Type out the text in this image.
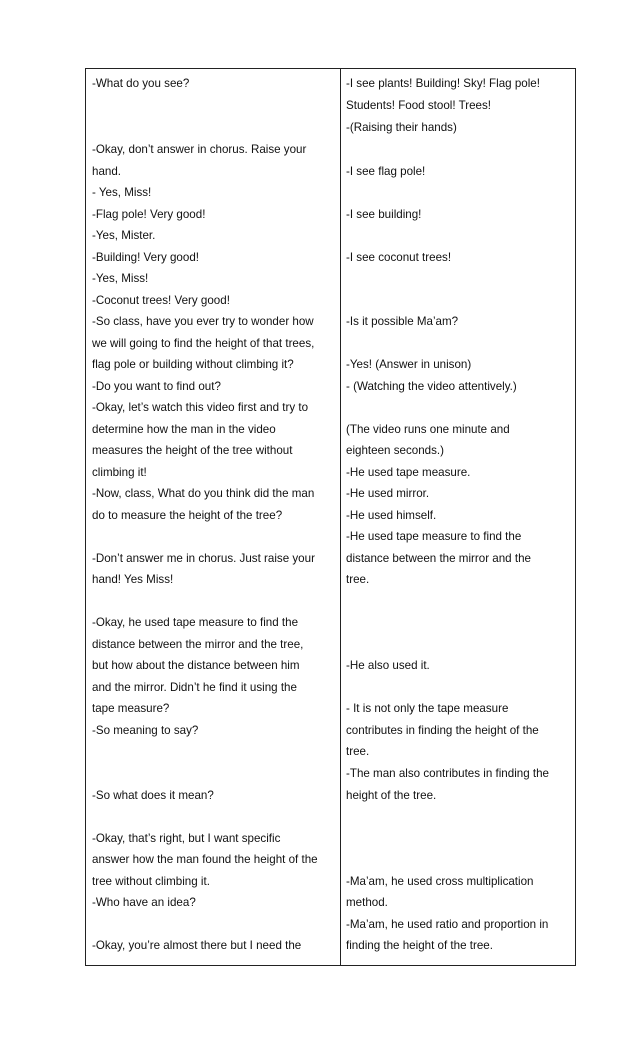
-What do you see?
-Okay, don’t answer in chorus. Raise your
hand.
- Yes, Miss!
-Flag pole! Very good!
-Yes, Mister.
-Building! Very good!
-Yes, Miss!
-Coconut trees! Very good!
-So class, have you ever try to wonder how
we will going to find the height of that trees,
flag pole or building without climbing it?
-Do you want to find out?
-Okay, let’s watch this video first and try to
determine how the man in the video
measures the height of the tree without
climbing it!
-Now, class, What do you think did the man
do to measure the height of the tree?
-Don’t answer me in chorus. Just raise your
hand! Yes Miss!
-Okay, he used tape measure to find the
distance between the mirror and the tree,
but how about the distance between him
and the mirror. Didn’t he find it using the
tape measure?
-So meaning to say?
-So what does it mean?
-Okay, that’s right, but I want specific
answer how the man found the height of the
tree without climbing it.
-Who have an idea?
-Okay, you’re almost there but I need the
-I see plants! Building! Sky! Flag pole!
Students! Food stool! Trees!
-(Raising their hands)
-I see flag pole!
-I see building!
-I see coconut trees!
-Is it possible Ma’am?
-Yes! (Answer in unison)
- (Watching the video attentively.)
(The video runs one minute and
eighteen seconds.)
-He used tape measure.
-He used mirror.
-He used himself.
-He used tape measure to find the
distance between the mirror and the
tree.
-He also used it.
- It is not only the tape measure
contributes in finding the height of the
tree.
-The man also contributes in finding the
height of the tree.
-Ma’am, he used cross multiplication
method.
-Ma’am, he used ratio and proportion in
finding the height of the tree.
